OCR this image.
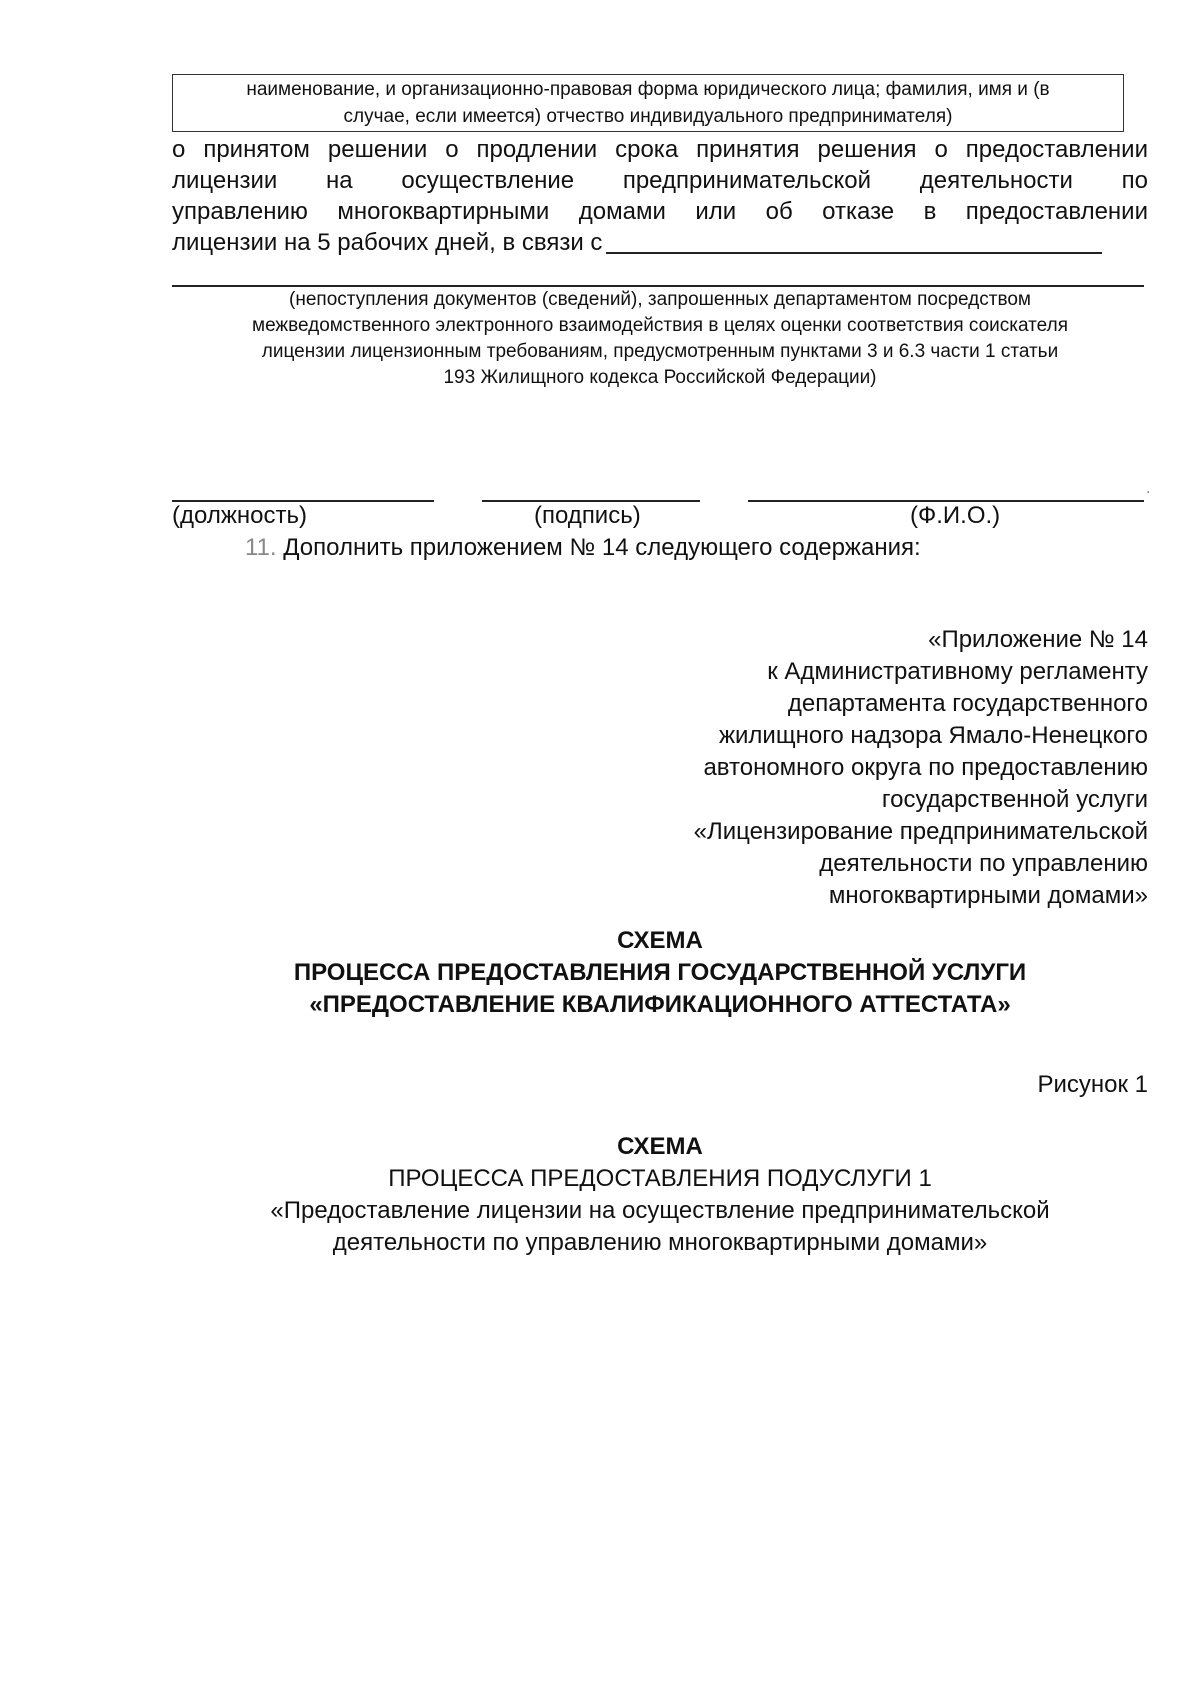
наименование, и организационно-правовая форма юридического лица; фамилия, имя и (в
случае, если имеется) отчество индивидуального предпринимателя)
о принятом решении о продлении срока принятия решения о предоставлении
лицензии на осуществление предпринимательской деятельности по
управлению многоквартирными домами или об отказе в предоставлении
лицензии на 5 рабочих дней, в связи с
(непоступления документов (сведений), запрошенных департаментом посредством
межведомственного электронного взаимодействия в целях оценки соответствия соискателя
лицензии лицензионным требованиям, предусмотренным пунктами 3 и 6.3 части 1 статьи
193 Жилищного кодекса Российской Федерации)
.
(должность)	(подпись)	(Ф.И.О.)
11. Дополнить приложением № 14 следующего содержания:
«Приложение № 14
к Административному регламенту
департамента государственного
жилищного надзора Ямало-Ненецкого
автономного округа по предоставлению
государственной услуги
«Лицензирование предпринимательской
деятельности по управлению
многоквартирными домами»
СХЕМА
ПРОЦЕССА ПРЕДОСТАВЛЕНИЯ ГОСУДАРСТВЕННОЙ УСЛУГИ
«ПРЕДОСТАВЛЕНИЕ КВАЛИФИКАЦИОННОГО АТТЕСТАТА»
Рисунок 1
СХЕМА
ПРОЦЕССА ПРЕДОСТАВЛЕНИЯ ПОДУСЛУГИ 1
«Предоставление лицензии на осуществление предпринимательской
деятельности по управлению многоквартирными домами»
